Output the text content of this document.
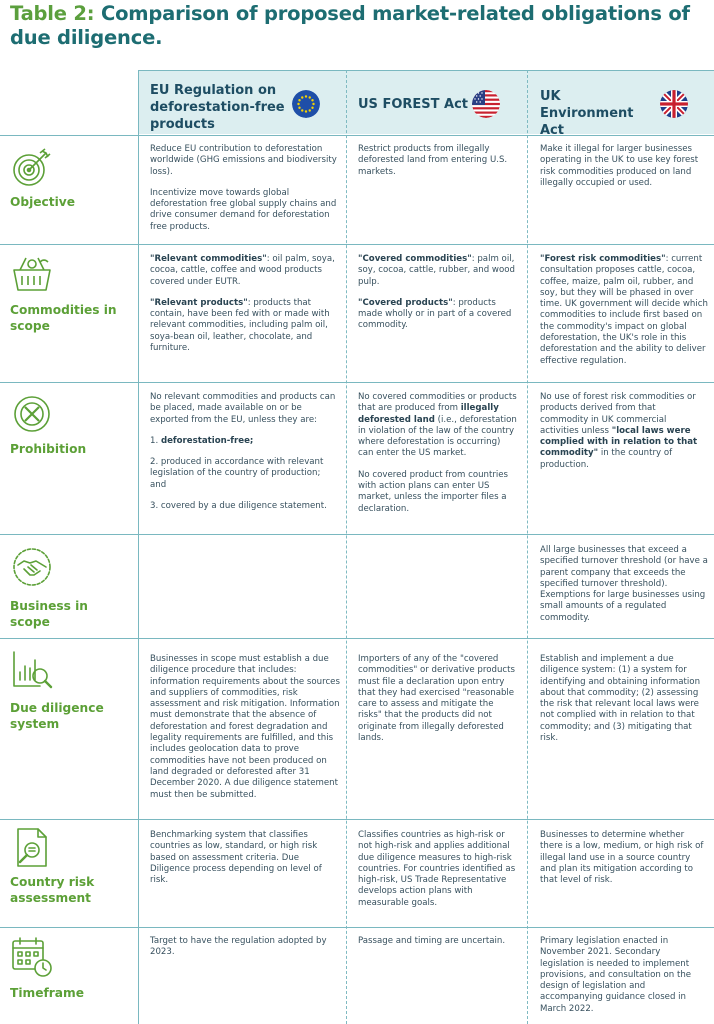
Table 2: Comparison of proposed market-related obligations of due diligence.
EU Regulation on deforestation-free products
US FOREST Act
UK Environment Act
Objective

Reduce EU contribution to deforestation worldwide (GHG emissions and biodiversity loss).

Incentivize move towards global deforestation free global supply chains and drive consumer demand for deforestation free products.

Restrict products from illegally deforested land from entering U.S. markets.

Make it illegal for larger businesses operating in the UK to use key forest risk commodities produced on land illegally occupied or used.

Commodities in scope

"Relevant commodities": oil palm, soya, cocoa, cattle, coffee and wood products covered under EUTR.

"Relevant products": products that contain, have been fed with or made with relevant commodities, including palm oil, soya-bean oil, leather, chocolate, and furniture.

"Covered commodities": palm oil, soy, cocoa, cattle, rubber, and wood pulp.

"Covered products": products made wholly or in part of a covered commodity.

"Forest risk commodities": current consultation proposes cattle, cocoa, coffee, maize, palm oil, rubber, and soy, but they will be phased in over time. UK government will decide which commodities to include first based on the commodity's impact on global deforestation, the UK's role in this deforestation and the ability to deliver effective regulation.

Prohibition

No relevant commodities and products can be placed, made available on or be exported from the EU, unless they are:

1. deforestation-free;

2. produced in accordance with relevant legislation of the country of production; and

3. covered by a due diligence statement.

No covered commodities or products that are produced from illegally deforested land (i.e., deforestation in violation of the law of the country where deforestation is occurring) can enter the US market.

No covered product from countries with action plans can enter US market, unless the importer files a declaration.

No use of forest risk commodities or products derived from that commodity in UK commercial activities unless "local laws were complied with in relation to that commodity" in the country of production.

Business in scope

All large businesses that exceed a specified turnover threshold (or have a parent company that exceeds the specified turnover threshold). Exemptions for large businesses using small amounts of a regulated commodity.

Due diligence system

Businesses in scope must establish a due diligence procedure that includes: information requirements about the sources and suppliers of commodities, risk assessment and risk mitigation. Information must demonstrate that the absence of deforestation and forest degradation and legality requirements are fulfilled, and this includes geolocation data to prove commodities have not been produced on land degraded or deforested after 31 December 2020. A due diligence statement must then be submitted.

Importers of any of the "covered commodities" or derivative products must file a declaration upon entry that they had exercised "reasonable care to assess and mitigate the risks" that the products did not originate from illegally deforested lands.

Establish and implement a due diligence system: (1) a system for identifying and obtaining information about that commodity; (2) assessing the risk that relevant local laws were not complied with in relation to that commodity; and (3) mitigating that risk.

Country risk assessment

Benchmarking system that classifies countries as low, standard, or high risk based on assessment criteria. Due Diligence process depending on level of risk.

Classifies countries as high-risk or not high-risk and applies additional due diligence measures to high-risk countries. For countries identified as high-risk, US Trade Representative develops action plans with measurable goals.

Businesses to determine whether there is a low, medium, or high risk of illegal land use in a source country and plan its mitigation according to that level of risk.

Timeframe

Target to have the regulation adopted by 2023.

Passage and timing are uncertain.	Primary legislation enacted in November 2021. Secondary legislation is needed to implement provisions, and consultation on the design of legislation and accompanying guidance closed in March 2022.
